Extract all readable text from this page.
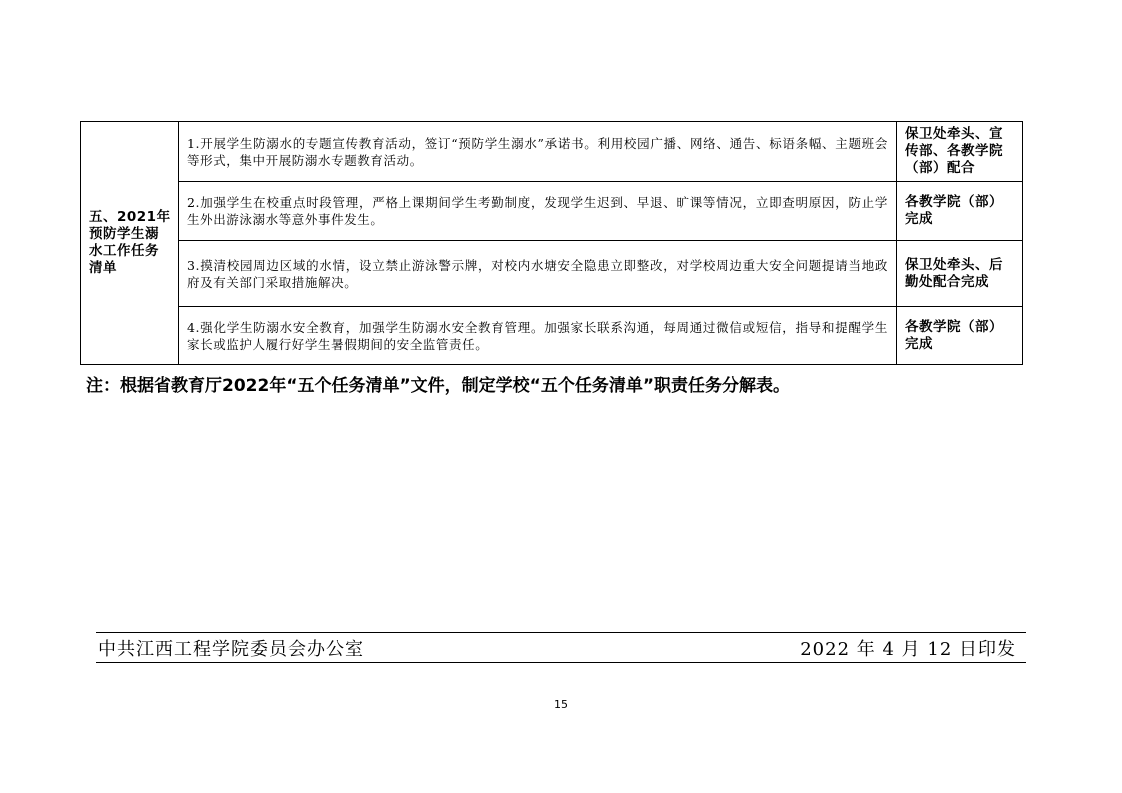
五、2021年预防学生溺水工作任务清单	1.开展学生防溺水的专题宣传教育活动，签订“预防学生溺水”承诺书。利用校园广播、网络、通告、标语条幅、主题班会等形式，集中开展防溺水专题教育活动。	保卫处牵头、宣传部、各教学院（部）配合
	2.加强学生在校重点时段管理，严格上课期间学生考勤制度，发现学生迟到、早退、旷课等情况，立即查明原因，防止学生外出游泳溺水等意外事件发生。	各教学院（部）完成
	3.摸清校园周边区域的水情，设立禁止游泳警示牌，对校内水塘安全隐患立即整改，对学校周边重大安全问题提请当地政府及有关部门采取措施解决。	保卫处牵头、后勤处配合完成
	4.强化学生防溺水安全教育，加强学生防溺水安全教育管理。加强家长联系沟通，每周通过微信或短信，指导和提醒学生家长或监护人履行好学生暑假期间的安全监管责任。	各教学院（部）完成
注：根据省教育厅2022年“五个任务清单”文件，制定学校“五个任务清单”职责任务分解表。
中共江西工程学院委员会办公室	2022 年 4 月 12 日印发
15
